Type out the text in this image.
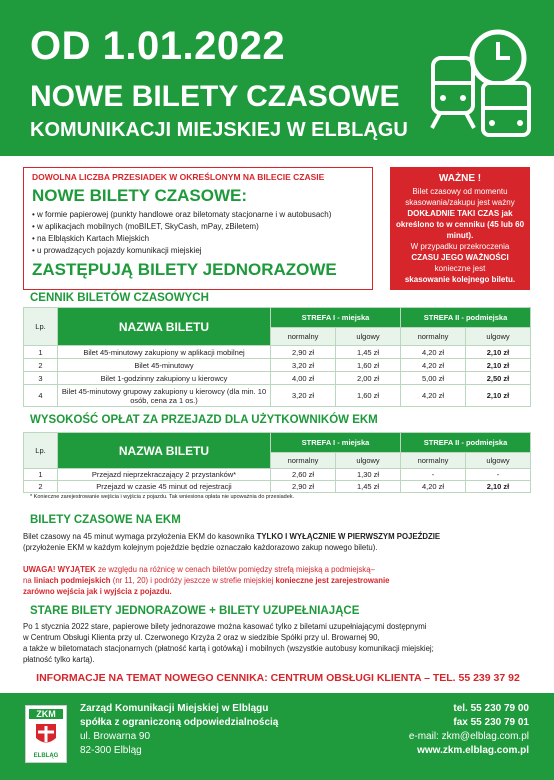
OD 1.01.2022
NOWE BILETY CZASOWE
KOMUNIKACJI MIEJSKIEJ W ELBLĄGU
DOWOLNA LICZBA PRZESIADEK W OKREŚLONYM NA BILECIE CZASIE
NOWE BILETY CZASOWE:
• w formie papierowej (punkty handlowe oraz biletomaty stacjonarne i w autobusach)
• w aplikacjach mobilnych (moBILET, SkyCash, mPay, zBiletem)
• na Elbląskich Kartach Miejskich
• u prowadzących pojazdy komunikacji miejskiej
ZASTĘPUJĄ BILETY JEDNORAZOWE
WAŻNE !
Bilet czasowy od momentu skasowania/zakupu jest ważny
DOKŁADNIE TAKI CZAS jak określono to w cenniku (45 lub 60 minut).
W przypadku przekroczenia
CZASU JEGO WAŻNOŚCI
konieczne jest
skasowanie kolejnego biletu.
CENNIK BILETÓW CZASOWYCH
Lp.	NAZWA BILETU	STREFA I - miejska		STREFA II - podmiejska	
		normalny	ulgowy	normalny	ulgowy
1	Bilet 45-minutowy zakupiony w aplikacji mobilnej	2,90 zł	1,45 zł	4,20 zł	2,10 zł
2	Bilet 45-minutowy	3,20 zł	1,60 zł	4,20 zł	2,10 zł
3	Bilet 1-godzinny zakupiony u kierowcy	4,00 zł	2,00 zł	5,00 zł	2,50 zł
4	Bilet 45-minutowy grupowy zakupiony u kierowcy (dla min. 10 osób, cena za 1 os.)	3,20 zł	1,60 zł	4,20 zł	2,10 zł
WYSOKOŚĆ OPŁAT ZA PRZEJAZD DLA UŻYTKOWNIKÓW EKM
Lp.	NAZWA BILETU	STREFA I - miejska		STREFA II - podmiejska	
		normalny	ulgowy	normalny	ulgowy
1	Przejazd nieprzekraczający 2 przystanków*	2,60 zł	1,30 zł	-	-
2	Przejazd w czasie 45 minut od rejestracji	2,90 zł	1,45 zł	4,20 zł	2,10 zł
* Konieczne zarejestrowanie wejścia i wyjścia z pojazdu. Tak wniesiona opłata nie upoważnia do przesiadek.
BILETY CZASOWE NA EKM
Bilet czasowy na 45 minut wymaga przyłożenia EKM do kasownika TYLKO I WYŁĄCZNIE W PIERWSZYM POJEŹDZIE
(przyłożenie EKM w każdym kolejnym pojeździe będzie oznaczało każdorazowo zakup nowego biletu).
UWAGA! WYJĄTEK ze względu na różnicę w cenach biletów pomiędzy strefą miejską a podmiejską–
na liniach podmiejskich (nr 11, 20) i podróży jeszcze w strefie miejskiej konieczne jest zarejestrowanie
zarówno wejścia jak i wyjścia z pojazdu.
STARE BILETY JEDNORAZOWE + BILETY UZUPEŁNIAJĄCE
Po 1 stycznia 2022 stare, papierowe bilety jednorazowe można kasować tylko z biletami uzupełniającymi dostępnymi
w Centrum Obsługi Klienta przy ul. Czerwonego Krzyża 2 oraz w siedzibie Spółki przy ul. Browarnej 90,
a także w biletomatach stacjonarnych (płatność kartą i gotówką) i mobilnych (wszystkie autobusy komunikacji miejskiej;
płatność tylko kartą).
INFORMACJE NA TEMAT NOWEGO CENNIKA: CENTRUM OBSŁUGI KLIENTA – TEL. 55 239 37 92
ZKM
ELBLĄG
Zarząd Komunikacji Miejskiej w Elblągu
spółka z ograniczoną odpowiedzialnością
ul. Browarna 90
82-300 Elbląg
tel. 55 230 79 00
fax 55 230 79 01
e-mail: zkm@elblag.com.pl
www.zkm.elblag.com.pl
